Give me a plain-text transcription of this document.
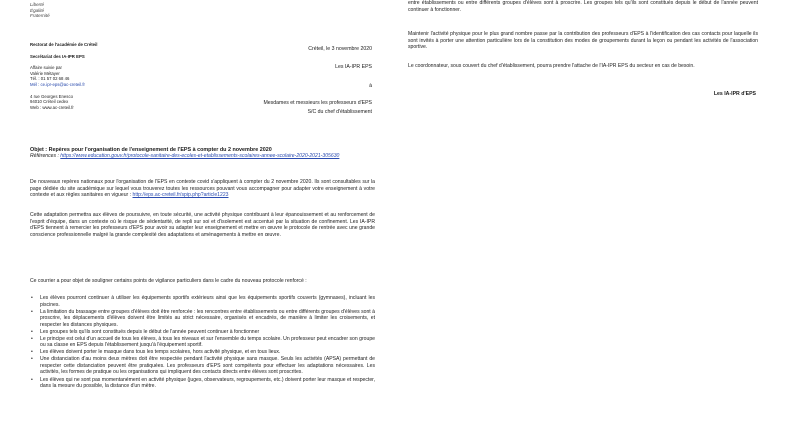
Liberté
Égalité
Fraternité
Rectorat de l'académie de Créteil
Secrétariat des IA-IPR EPS
Affaire suivie par
Valérie Métayer
Tél. : 01 57 02 68 46
Mél : ce.ipr-eps@ac-creteil.fr
4 rue Georges Enesco
94010 Créteil cedex
Web : www.ac-creteil.fr
Créteil, le 3 novembre 2020
Les IA-IPR EPS
à
Mesdames et messieurs les professeurs d'EPS
S/C du chef d'établissement
Objet : Repères pour l'organisation de l'enseignement de l'EPS à compter du 2 novembre 2020
Références : https://www.education.gouv.fr/protocole-sanitaire-des-ecoles-et-etablissements-scolaires-annee-scolaire-2020-2021-305630
De nouveaux repères nationaux pour l'organisation de l'EPS en contexte covid s'appliquent à compter du 2 novembre 2020. Ils sont consultables sur la page dédiée du site académique sur lequel vous trouverez toutes les ressources pouvant vous accompagner pour adapter votre enseignement à votre contexte et aux règles sanitaires en vigueur : http://eps.ac-creteil.fr/spip.php?article1223
Cette adaptation permettra aux élèves de poursuivre, en toute sécurité, une activité physique contribuant à leur épanouissement et au renforcement de l'esprit d'équipe, dans un contexte où le risque de sédentarité, de repli sur soi et d'isolement est accentué par la situation de confinement. Les IA-IPR d'EPS tiennent à remercier les professeurs d'EPS pour avoir su adapter leur enseignement et mettre en œuvre le protocole de rentrée avec une grande conscience professionnelle malgré la grande complexité des adaptations et aménagements à mettre en œuvre.
Ce courrier a pour objet de souligner certains points de vigilance particuliers dans le cadre du nouveau protocole renforcé :
• Les élèves pourront continuer à utiliser les équipements sportifs extérieurs ainsi que les équipements sportifs couverts (gymnases), incluant les piscines.
• La limitation du brassage entre groupes d'élèves doit être renforcée : les rencontres entre établissements ou entre différents groupes d'élèves sont à proscrire, les déplacements d'élèves doivent être limités au strict nécessaire, organisés et encadrés, de manière à limiter les croisements, et respecter les distances physiques.
• Les groupes tels qu'ils sont constitués depuis le début de l'année peuvent continuer à fonctionner
• Le principe est celui d'un accueil de tous les élèves, à tous les niveaux et sur l'ensemble du temps scolaire. Un professeur peut encadrer son groupe ou sa classe en EPS depuis l'établissement jusqu'à l'équipement sportif.
• Les élèves doivent porter le masque dans tous les temps scolaires, hors activité physique, et en tous lieux.
• Une distanciation d'au moins deux mètres doit être respectée pendant l'activité physique sans masque. Seuls les activités (APSA) permettant de respecter cette distanciation peuvent être pratiquées. Les professeurs d'EPS sont compétents pour effectuer les adaptations nécessaires. Les activités, les formes de pratique ou les organisations qui impliquent des contacts directs entre élèves sont proscrites.
• Les élèves qui ne sont pas momentanément en activité physique (juges, observateurs, regroupements, etc.) doivent porter leur masque et respecter, dans la mesure du possible, la distance d'un mètre.
entre établissements ou entre différents groupes d'élèves sont à proscrire. Les groupes tels qu'ils sont constitués depuis le début de l'année peuvent continuer à fonctionner.
Maintenir l'activité physique pour le plus grand nombre passe par la contribution des professeurs d'EPS à l'identification des cas contacts pour laquelle ils sont invités à porter une attention particulière lors de la constitution des modes de groupements durant la leçon ou pendant les activités de l'association sportive.
Le coordonnateur, sous couvert du chef d'établissement, pourra prendre l'attache de l'IA-IPR EPS du secteur en cas de besoin.
Les IA-IPR d'EPS
